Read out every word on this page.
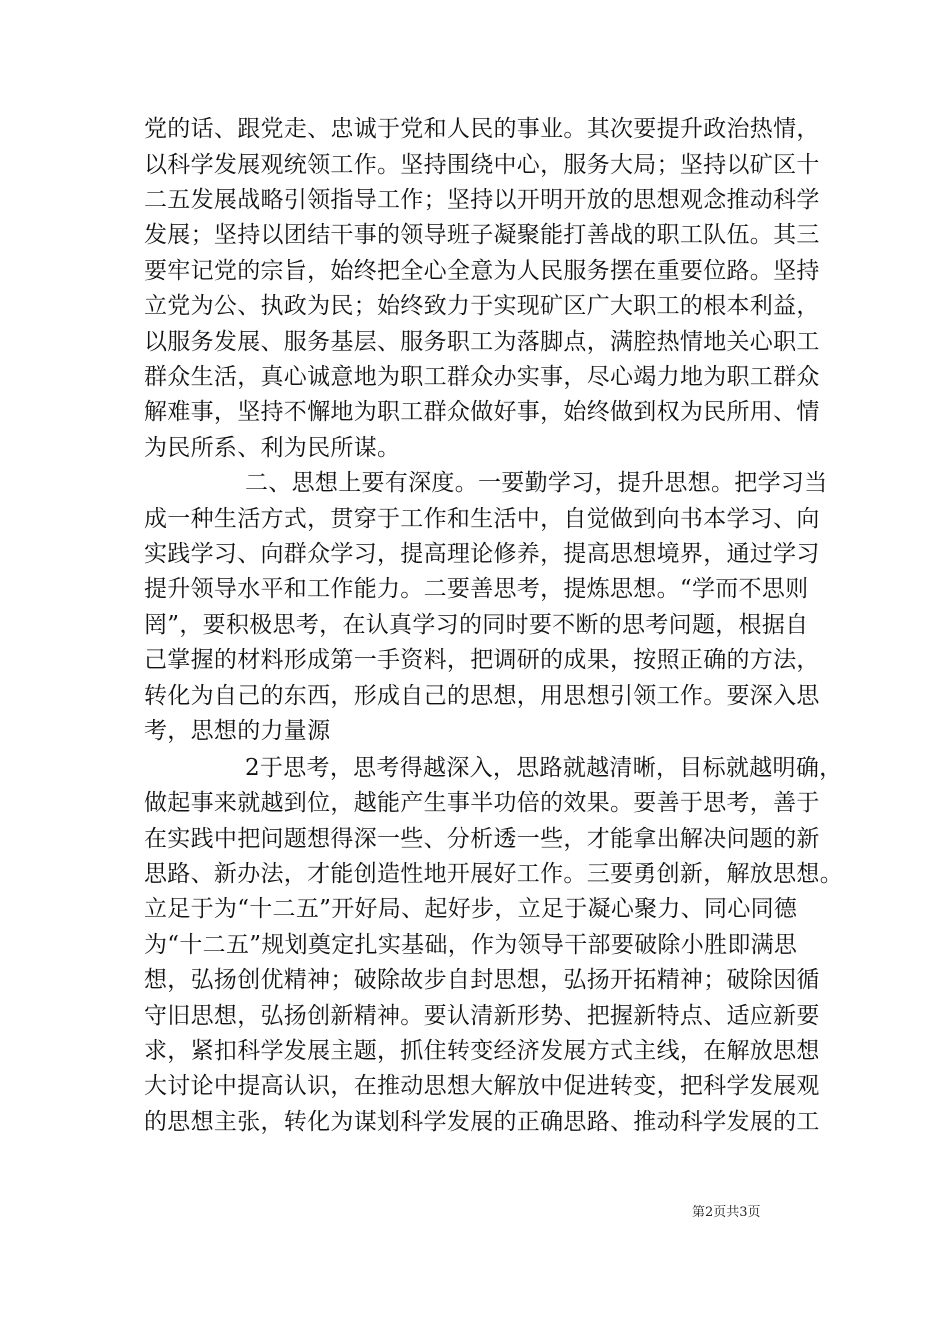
党的话、跟党走、忠诚于党和人民的事业。其次要提升政治热情，
以科学发展观统领工作。坚持围绕中心，服务大局；坚持以矿区十
二五发展战略引领指导工作；坚持以开明开放的思想观念推动科学
发展；坚持以团结干事的领导班子凝聚能打善战的职工队伍。其三
要牢记党的宗旨，始终把全心全意为人民服务摆在重要位路。坚持
立党为公、执政为民；始终致力于实现矿区广大职工的根本利益，
以服务发展、服务基层、服务职工为落脚点，满腔热情地关心职工
群众生活，真心诚意地为职工群众办实事，尽心竭力地为职工群众
解难事，坚持不懈地为职工群众做好事，始终做到权为民所用、情
为民所系、利为民所谋。
二、思想上要有深度。一要勤学习，提升思想。把学习当
成一种生活方式，贯穿于工作和生活中，自觉做到向书本学习、向
实践学习、向群众学习，提高理论修养，提高思想境界，通过学习
提升领导水平和工作能力。二要善思考，提炼思想。“学而不思则
罔”，要积极思考，在认真学习的同时要不断的思考问题，根据自
己掌握的材料形成第一手资料，把调研的成果，按照正确的方法，
转化为自己的东西，形成自己的思想，用思想引领工作。要深入思
考，思想的力量源
2于思考，思考得越深入，思路就越清晰，目标就越明确，
做起事来就越到位，越能产生事半功倍的效果。要善于思考，善于
在实践中把问题想得深一些、分析透一些，才能拿出解决问题的新
思路、新办法，才能创造性地开展好工作。三要勇创新，解放思想。
立足于为“十二五”开好局、起好步，立足于凝心聚力、同心同德
为“十二五”规划奠定扎实基础，作为领导干部要破除小胜即满思
想，弘扬创优精神；破除故步自封思想，弘扬开拓精神；破除因循
守旧思想，弘扬创新精神。要认清新形势、把握新特点、适应新要
求，紧扣科学发展主题，抓住转变经济发展方式主线，在解放思想
大讨论中提高认识，在推动思想大解放中促进转变，把科学发展观
的思想主张，转化为谋划科学发展的正确思路、推动科学发展的工
第2页共3页
